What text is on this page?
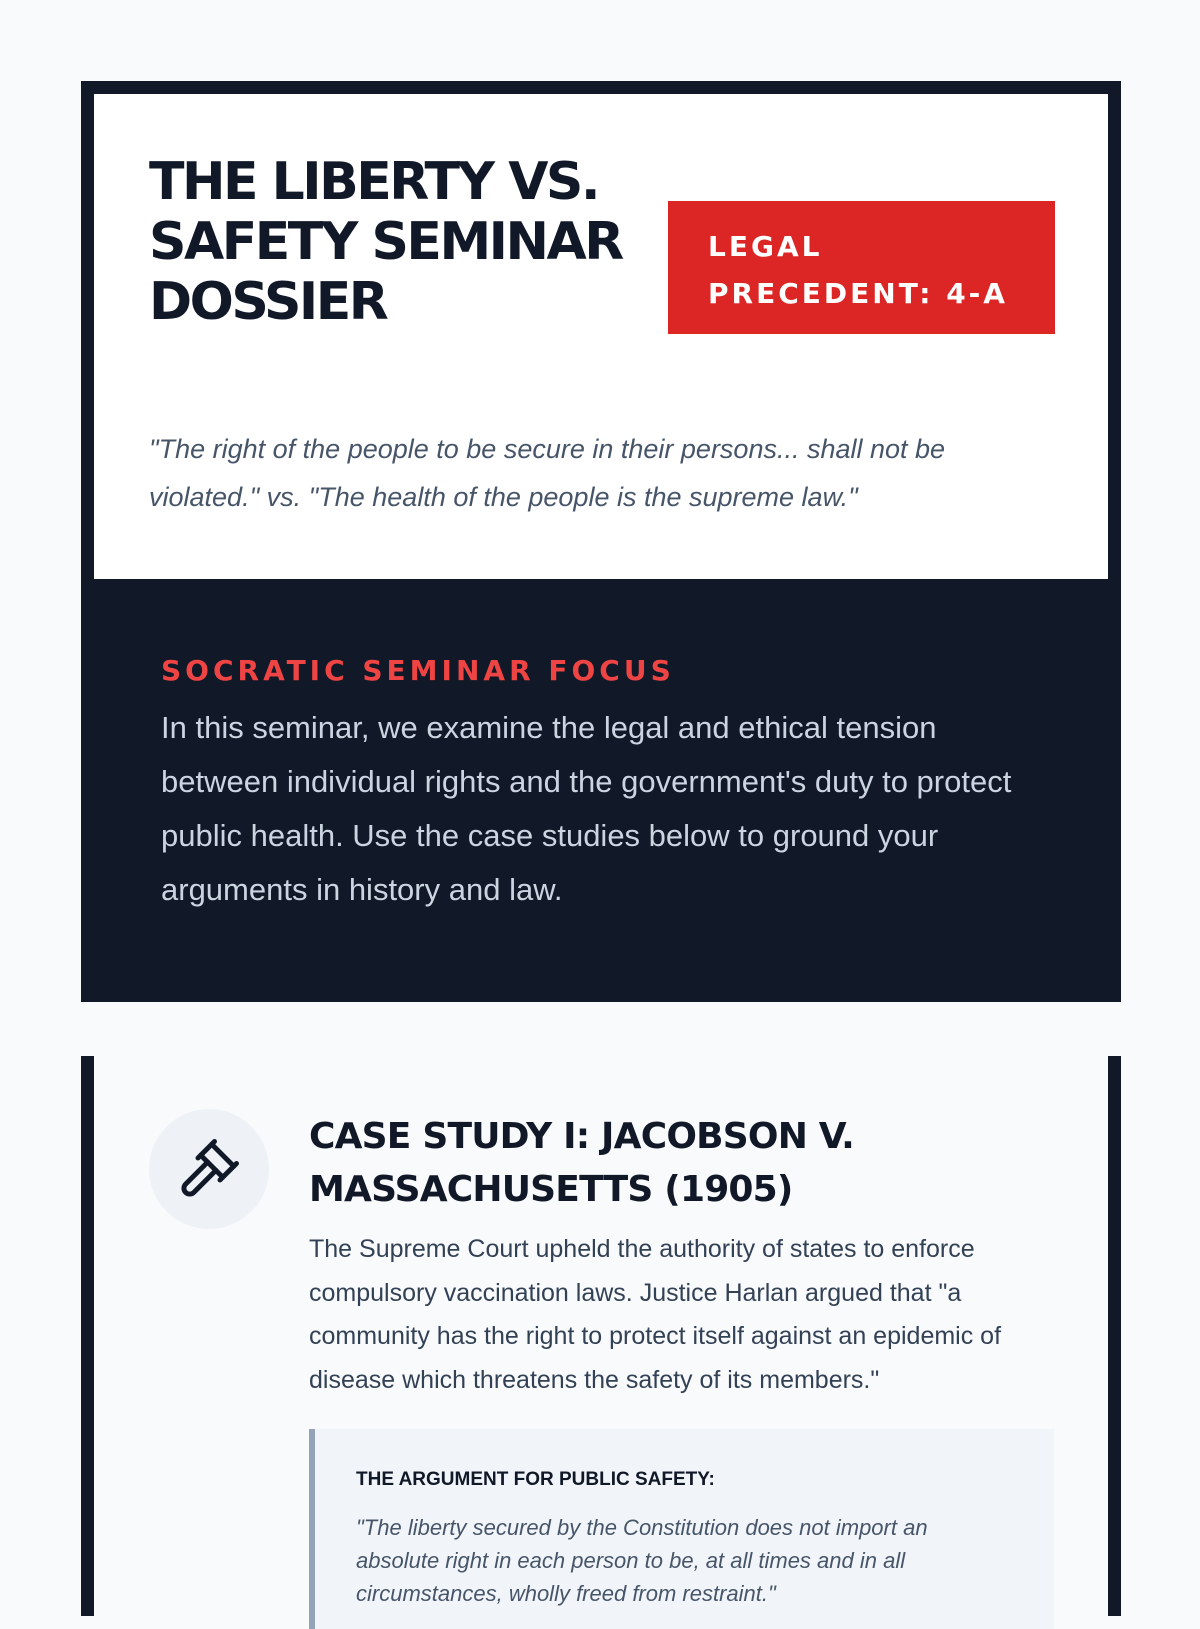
THE LIBERTY VS. SAFETY SEMINAR DOSSIER
LEGAL PRECEDENT: 4-A

"The right of the people to be secure in their persons... shall not be violated." vs. "The health of the people is the supreme law."

SOCRATIC SEMINAR FOCUS

In this seminar, we examine the legal and ethical tension between individual rights and the government's duty to protect public health. Use the case studies below to ground your arguments in history and law.

CASE STUDY I: JACOBSON V. MASSACHUSETTS (1905)

The Supreme Court upheld the authority of states to enforce compulsory vaccination laws. Justice Harlan argued that "a community has the right to protect itself against an epidemic of disease which threatens the safety of its members."

THE ARGUMENT FOR PUBLIC SAFETY:

"The liberty secured by the Constitution does not import an absolute right in each person to be, at all times and in all circumstances, wholly freed from restraint."
